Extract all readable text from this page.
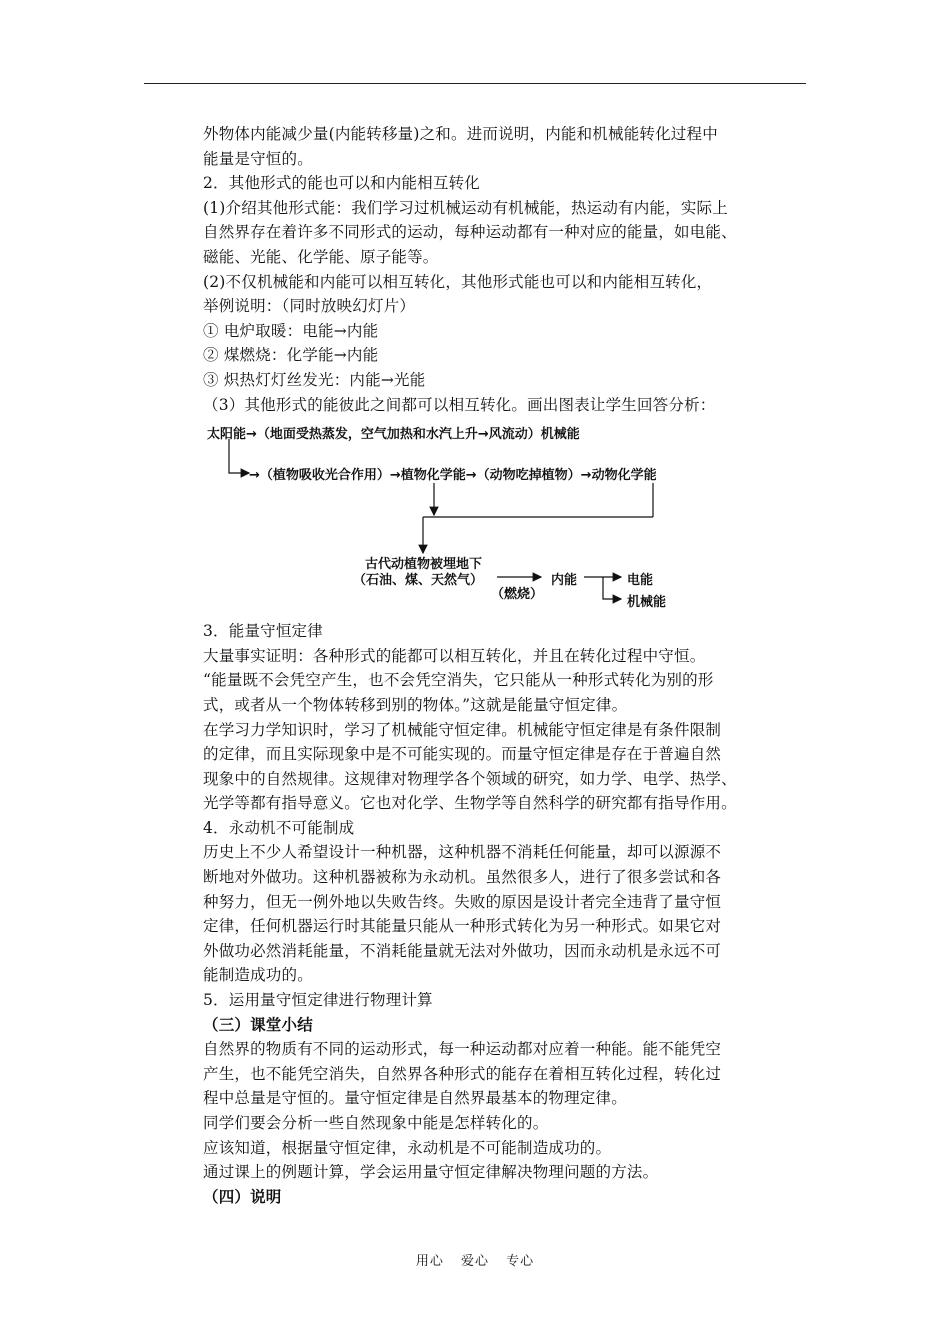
外物体内能减少量(内能转移量)之和。进而说明，内能和机械能转化过程中
能量是守恒的。
2．其他形式的能也可以和内能相互转化
(1)介绍其他形式能：我们学习过机械运动有机械能，热运动有内能，实际上
自然界存在着许多不同形式的运动，每种运动都有一种对应的能量，如电能、
磁能、光能、化学能、原子能等。
(2)不仅机械能和内能可以相互转化，其他形式能也可以和内能相互转化，
举例说明：（同时放映幻灯片）
① 电炉取暖：电能→内能
② 煤燃烧：化学能→内能
③ 炽热灯灯丝发光：内能→光能
（3）其他形式的能彼此之间都可以相互转化。画出图表让学生回答分析：
太阳能→（地面受热蒸发，空气加热和水汽上升→风流动）机械能
→（植物吸收光合作用）→植物化学能→（动物吃掉植物）→动物化学能
古代动植物被埋地下
（石油、煤、天然气）
（燃烧）
内能	电能
机械能
3．能量守恒定律
大量事实证明：各种形式的能都可以相互转化，并且在转化过程中守恒。
“能量既不会凭空产生，也不会凭空消失，它只能从一种形式转化为别的形
式，或者从一个物体转移到别的物体。”这就是能量守恒定律。
在学习力学知识时，学习了机械能守恒定律。机械能守恒定律是有条件限制
的定律，而且实际现象中是不可能实现的。而量守恒定律是存在于普遍自然
现象中的自然规律。这规律对物理学各个领域的研究，如力学、电学、热学、
光学等都有指导意义。它也对化学、生物学等自然科学的研究都有指导作用。
4．永动机不可能制成
历史上不少人希望设计一种机器，这种机器不消耗任何能量，却可以源源不
断地对外做功。这种机器被称为永动机。虽然很多人，进行了很多尝试和各
种努力，但无一例外地以失败告终。失败的原因是设计者完全违背了量守恒
定律，任何机器运行时其能量只能从一种形式转化为另一种形式。如果它对
外做功必然消耗能量，不消耗能量就无法对外做功，因而永动机是永远不可
能制造成功的。
5．运用量守恒定律进行物理计算
（三）课堂小结
自然界的物质有不同的运动形式，每一种运动都对应着一种能。能不能凭空
产生，也不能凭空消失，自然界各种形式的能存在着相互转化过程，转化过
程中总量是守恒的。量守恒定律是自然界最基本的物理定律。
同学们要会分析一些自然现象中能是怎样转化的。
应该知道，根据量守恒定律，永动机是不可能制造成功的。
通过课上的例题计算，学会运用量守恒定律解决物理问题的方法。
（四）说明
用心 爱心 专心
